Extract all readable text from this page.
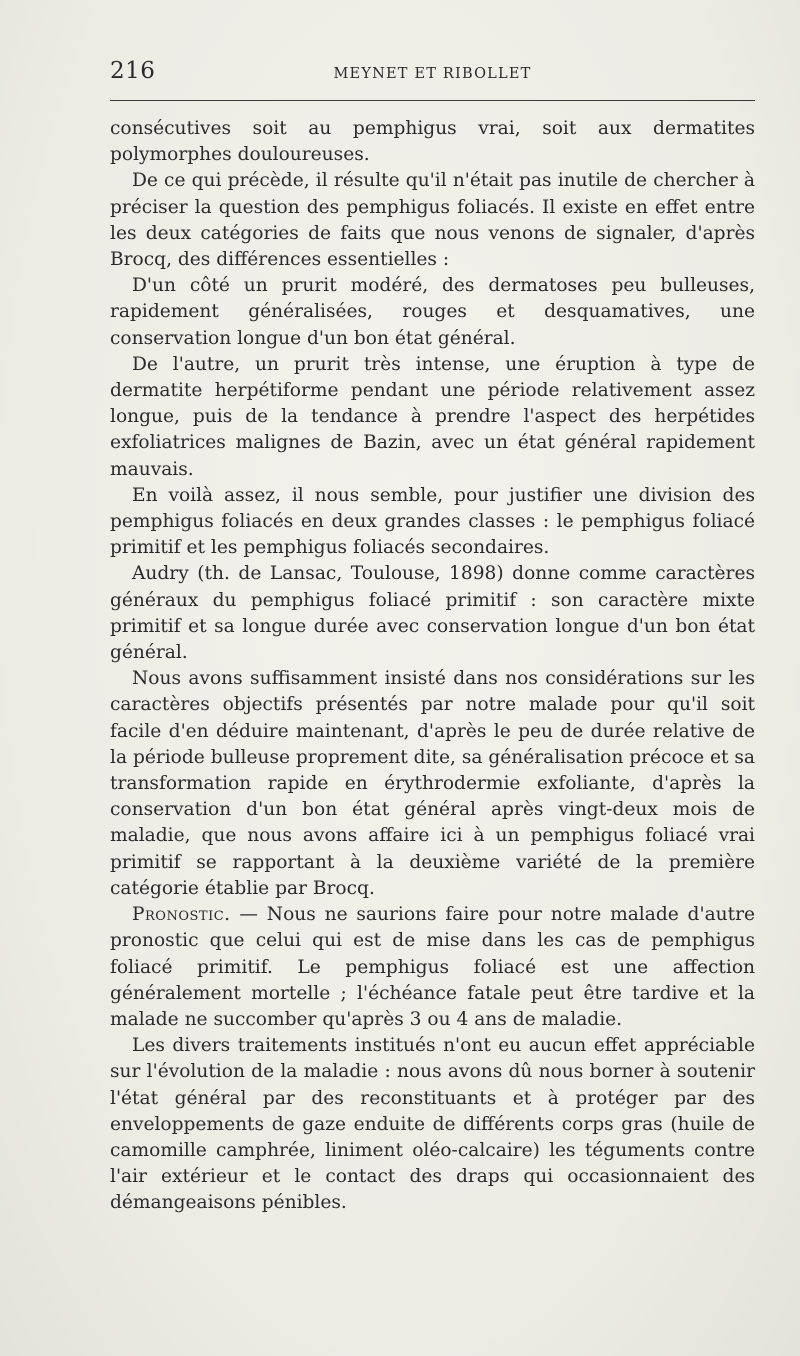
216	MEYNET ET RIBOLLET

consécutives soit au pemphigus vrai, soit aux dermatites polymorphes douloureuses.

De ce qui précède, il résulte qu'il n'était pas inutile de chercher à préciser la question des pemphigus foliacés. Il existe en effet entre les deux catégories de faits que nous venons de signaler, d'après Brocq, des différences essentielles :

D'un côté un prurit modéré, des dermatoses peu bulleuses, rapidement généralisées, rouges et desquamatives, une conservation longue d'un bon état général.

De l'autre, un prurit très intense, une éruption à type de dermatite herpétiforme pendant une période relativement assez longue, puis de la tendance à prendre l'aspect des herpétides exfoliatrices malignes de Bazin, avec un état général rapidement mauvais.

En voilà assez, il nous semble, pour justifier une division des pemphigus foliacés en deux grandes classes : le pemphigus foliacé primitif et les pemphigus foliacés secondaires.

Audry (th. de Lansac, Toulouse, 1898) donne comme caractères généraux du pemphigus foliacé primitif : son caractère mixte primitif et sa longue durée avec conservation longue d'un bon état général.

Nous avons suffisamment insisté dans nos considérations sur les caractères objectifs présentés par notre malade pour qu'il soit facile d'en déduire maintenant, d'après le peu de durée relative de la période bulleuse proprement dite, sa généralisation précoce et sa transformation rapide en érythrodermie exfoliante, d'après la conservation d'un bon état général après vingt-deux mois de maladie, que nous avons affaire ici à un pemphigus foliacé vrai primitif se rapportant à la deuxième variété de la première catégorie établie par Brocq.

Pronostic. — Nous ne saurions faire pour notre malade d'autre pronostic que celui qui est de mise dans les cas de pemphigus foliacé primitif. Le pemphigus foliacé est une affection généralement mortelle ; l'échéance fatale peut être tardive et la malade ne succomber qu'après 3 ou 4 ans de maladie.

Les divers traitements institués n'ont eu aucun effet appréciable sur l'évolution de la maladie : nous avons dû nous borner à soutenir l'état général par des reconstituants et à protéger par des enveloppements de gaze enduite de différents corps gras (huile de camomille camphrée, liniment oléo-calcaire) les téguments contre l'air extérieur et le contact des draps qui occasionnaient des démangeaisons pénibles.
